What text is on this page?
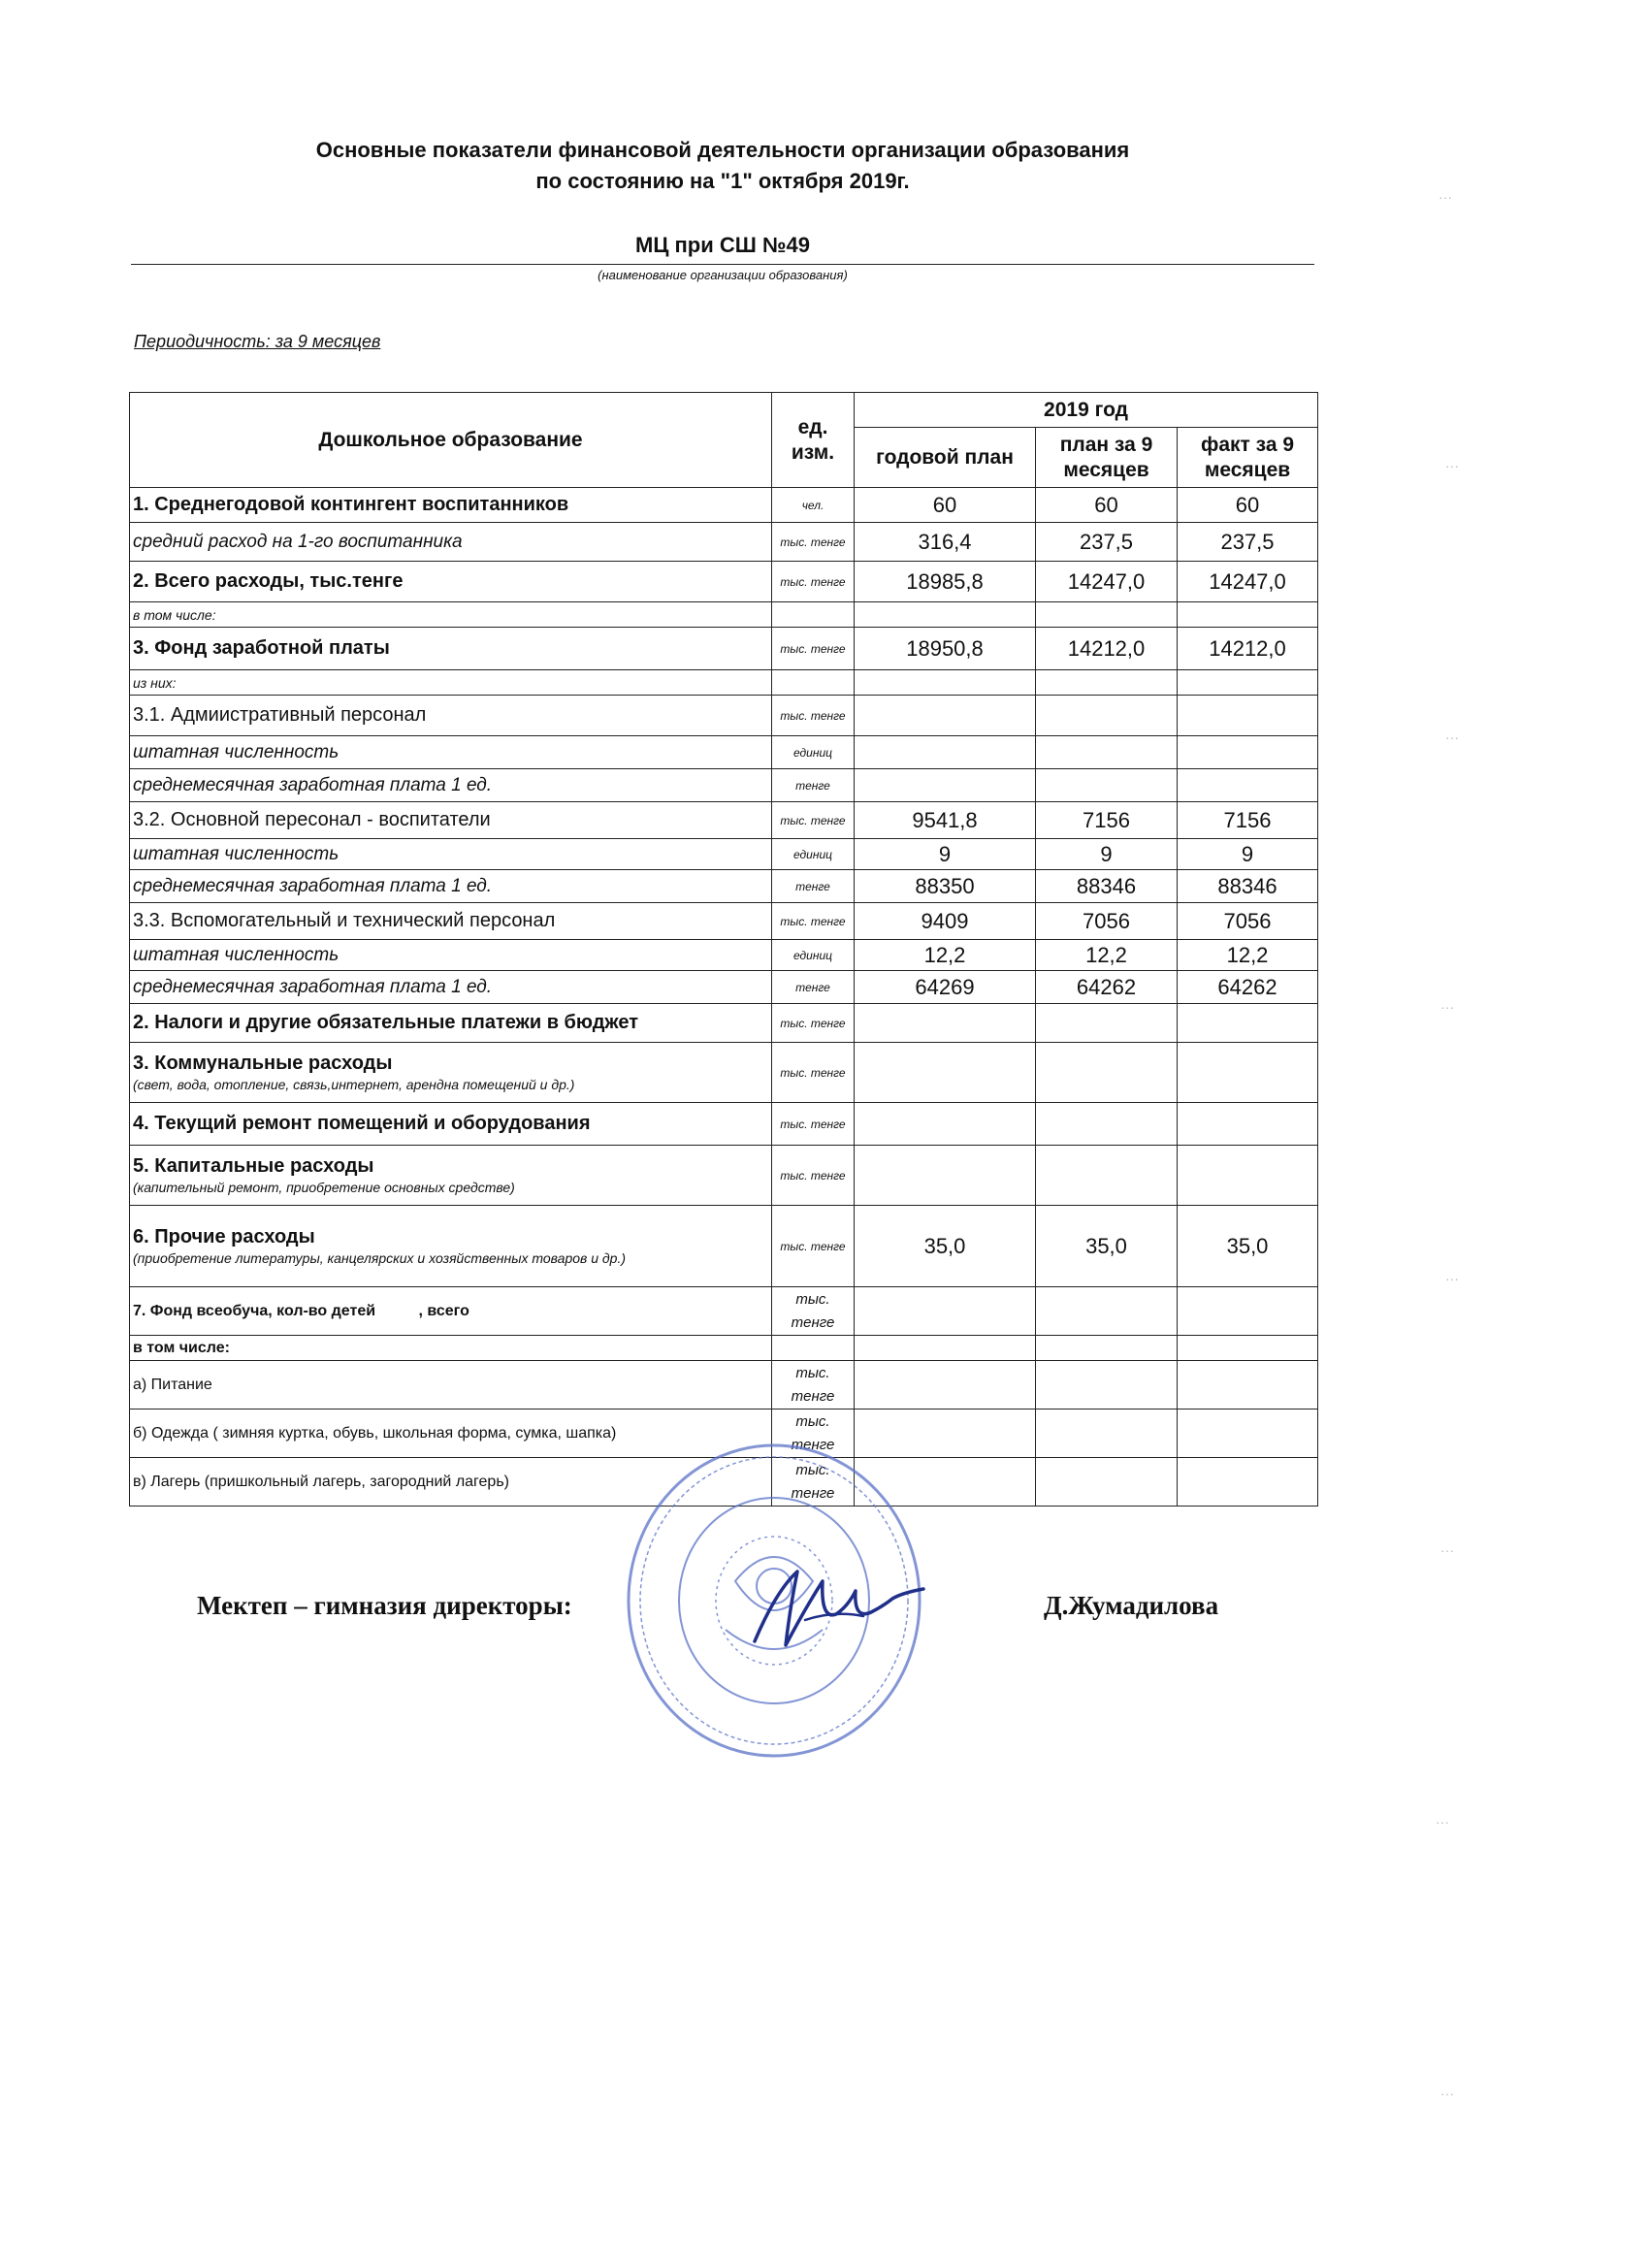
Основные показатели финансовой деятельности организации образования
по состоянию на "1" октября 2019г.
МЦ при СШ №49
(наименование организации образования)
Периодичность: за 9 месяцев
Дошкольное образование	ед. изм.	2019 год		
		годовой план	план за 9 месяцев	факт за 9 месяцев
1. Среднегодовой контингент воспитанников	чел.	60	60	60
средний расход на 1-го воспитанника	тыс. тенге	316,4	237,5	237,5
2. Всего расходы, тыс.тенге	тыс. тенге	18985,8	14247,0	14247,0
в том числе:				
3. Фонд заработной платы	тыс. тенге	18950,8	14212,0	14212,0
из них:				
3.1. Адмиистративный персонал	тыс. тенге			
штатная численность	единиц			
среднемесячная заработная плата 1 ед.	тенге			
3.2. Основной пересонал - воспитатели	тыс. тенге	9541,8	7156	7156
штатная численность	единиц	9	9	9
среднемесячная заработная плата 1 ед.	тенге	88350	88346	88346
3.3. Вспомогательный и технический персонал	тыс. тенге	9409	7056	7056
штатная численность	единиц	12,2	12,2	12,2
среднемесячная заработная плата 1 ед.	тенге	64269	64262	64262
2. Налоги и другие обязательные платежи в бюджет	тыс. тенге			
3. Коммунальные расходы
(свет, вода, отопление, связь,интернет, арендна помещений и др.)	тыс. тенге			
4. Текущий ремонт помещений и оборудования	тыс. тенге			
5. Капитальные расходы
(капительный ремонт, приобретение основных средстве)	тыс. тенге			
6. Прочие расходы
(приобретение литературы, канцелярских и хозяйственных товаров и др.)	тыс. тенге	35,0	35,0	35,0
7. Фонд всеобуча, кол-во детей          , всего	тыс. тенге			
в том числе:				
а) Питание	тыс. тенге			
б) Одежда ( зимняя куртка, обувь, школьная форма, сумка, шапка)	тыс. тенге			
в) Лагерь (пришкольный лагерь, загородний лагерь)	тыс. тенге			
Мектеп – гимназия директоры:	Д.Жумадилова
···
···
···
···
···
···
···
···
